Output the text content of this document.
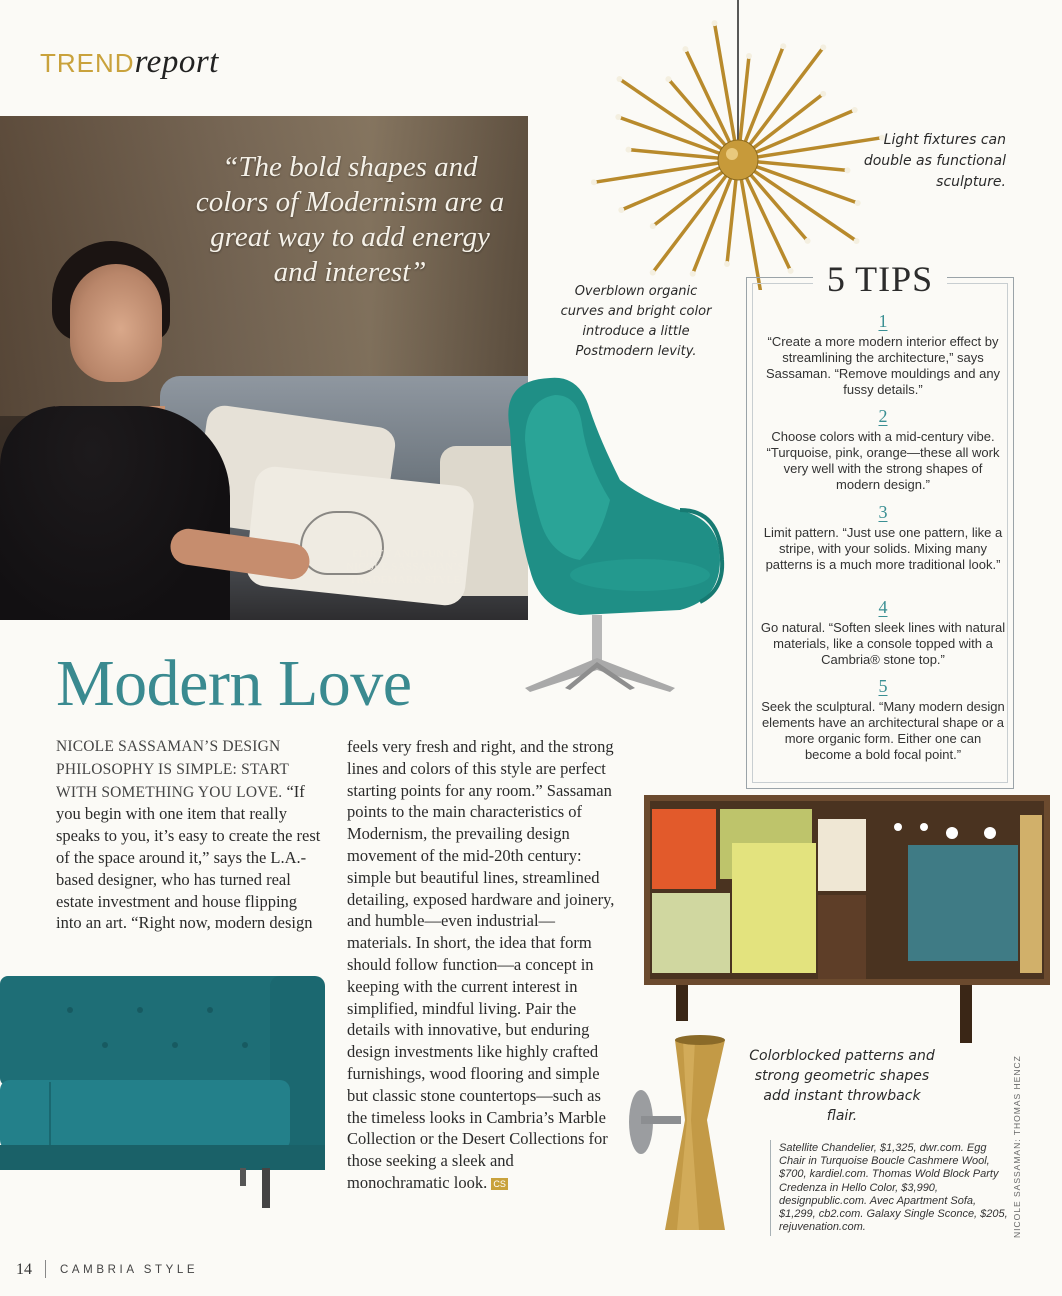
TRENDreport
“The bold shapes and colors of Modernism are a great way to add energy and interest”
FLIRTY AND FUN IS NICOLE SASSAMAN’S TRADEMARK STYLE
Light fixtures can double as functional sculpture.
Overblown organic curves and bright color introduce a little Postmodern levity.
5 TIPS
1
“Create a more modern interior effect by streamlining the architecture,” says Sassaman. “Remove mouldings and any fussy details.”
2
Choose colors with a mid-century vibe. “Turquoise, pink, orange—these all work very well with the strong shapes of modern design.”
3
Limit pattern. “Just use one pattern, like a stripe, with your solids. Mixing many patterns is a much more traditional look.”
4
Go natural. “Soften sleek lines with natural materials, like a console topped with a Cambria® stone top.”
5
Seek the sculptural. “Many modern design elements have an architectural shape or a more organic form. Either one can become a bold focal point.”
Modern Love
NICOLE SASSAMAN’S DESIGN PHILOSOPHY IS SIMPLE: START WITH SOMETHING YOU LOVE. “If you begin with one item that really speaks to you, it’s easy to create the rest of the space around it,” says the L.A.-based designer, who has turned real estate investment and house flipping into an art. “Right now, modern design
feels very fresh and right, and the strong lines and colors of this style are perfect starting points for any room.” Sassaman points to the main characteristics of Modernism, the prevailing design movement of the mid-20th century: simple but beautiful lines, streamlined detailing, exposed hardware and joinery, and humble—even industrial—materials. In short, the idea that form should follow function—a concept in keeping with the current interest in simplified, mindful living. Pair the details with innovative, but enduring design investments like highly crafted furnishings, wood flooring and simple but classic stone countertops—such as the timeless looks in Cambria’s Marble Collection or the Desert Collections for those seeking a sleek and monochramatic look. CS
Colorblocked patterns and strong geometric shapes add instant throwback flair.
Satellite Chandelier, $1,325, dwr.com. Egg Chair in Turquoise Boucle Cashmere Wool, $700, kardiel.com. Thomas Wold Block Party Credenza in Hello Color, $3,990, designpublic.com. Avec Apartment Sofa, $1,299, cb2.com. Galaxy Single Sconce, $205, rejuvenation.com.	NICOLE SASSAMAN: THOMAS HENCZ
14 CAMBRIA STYLE
